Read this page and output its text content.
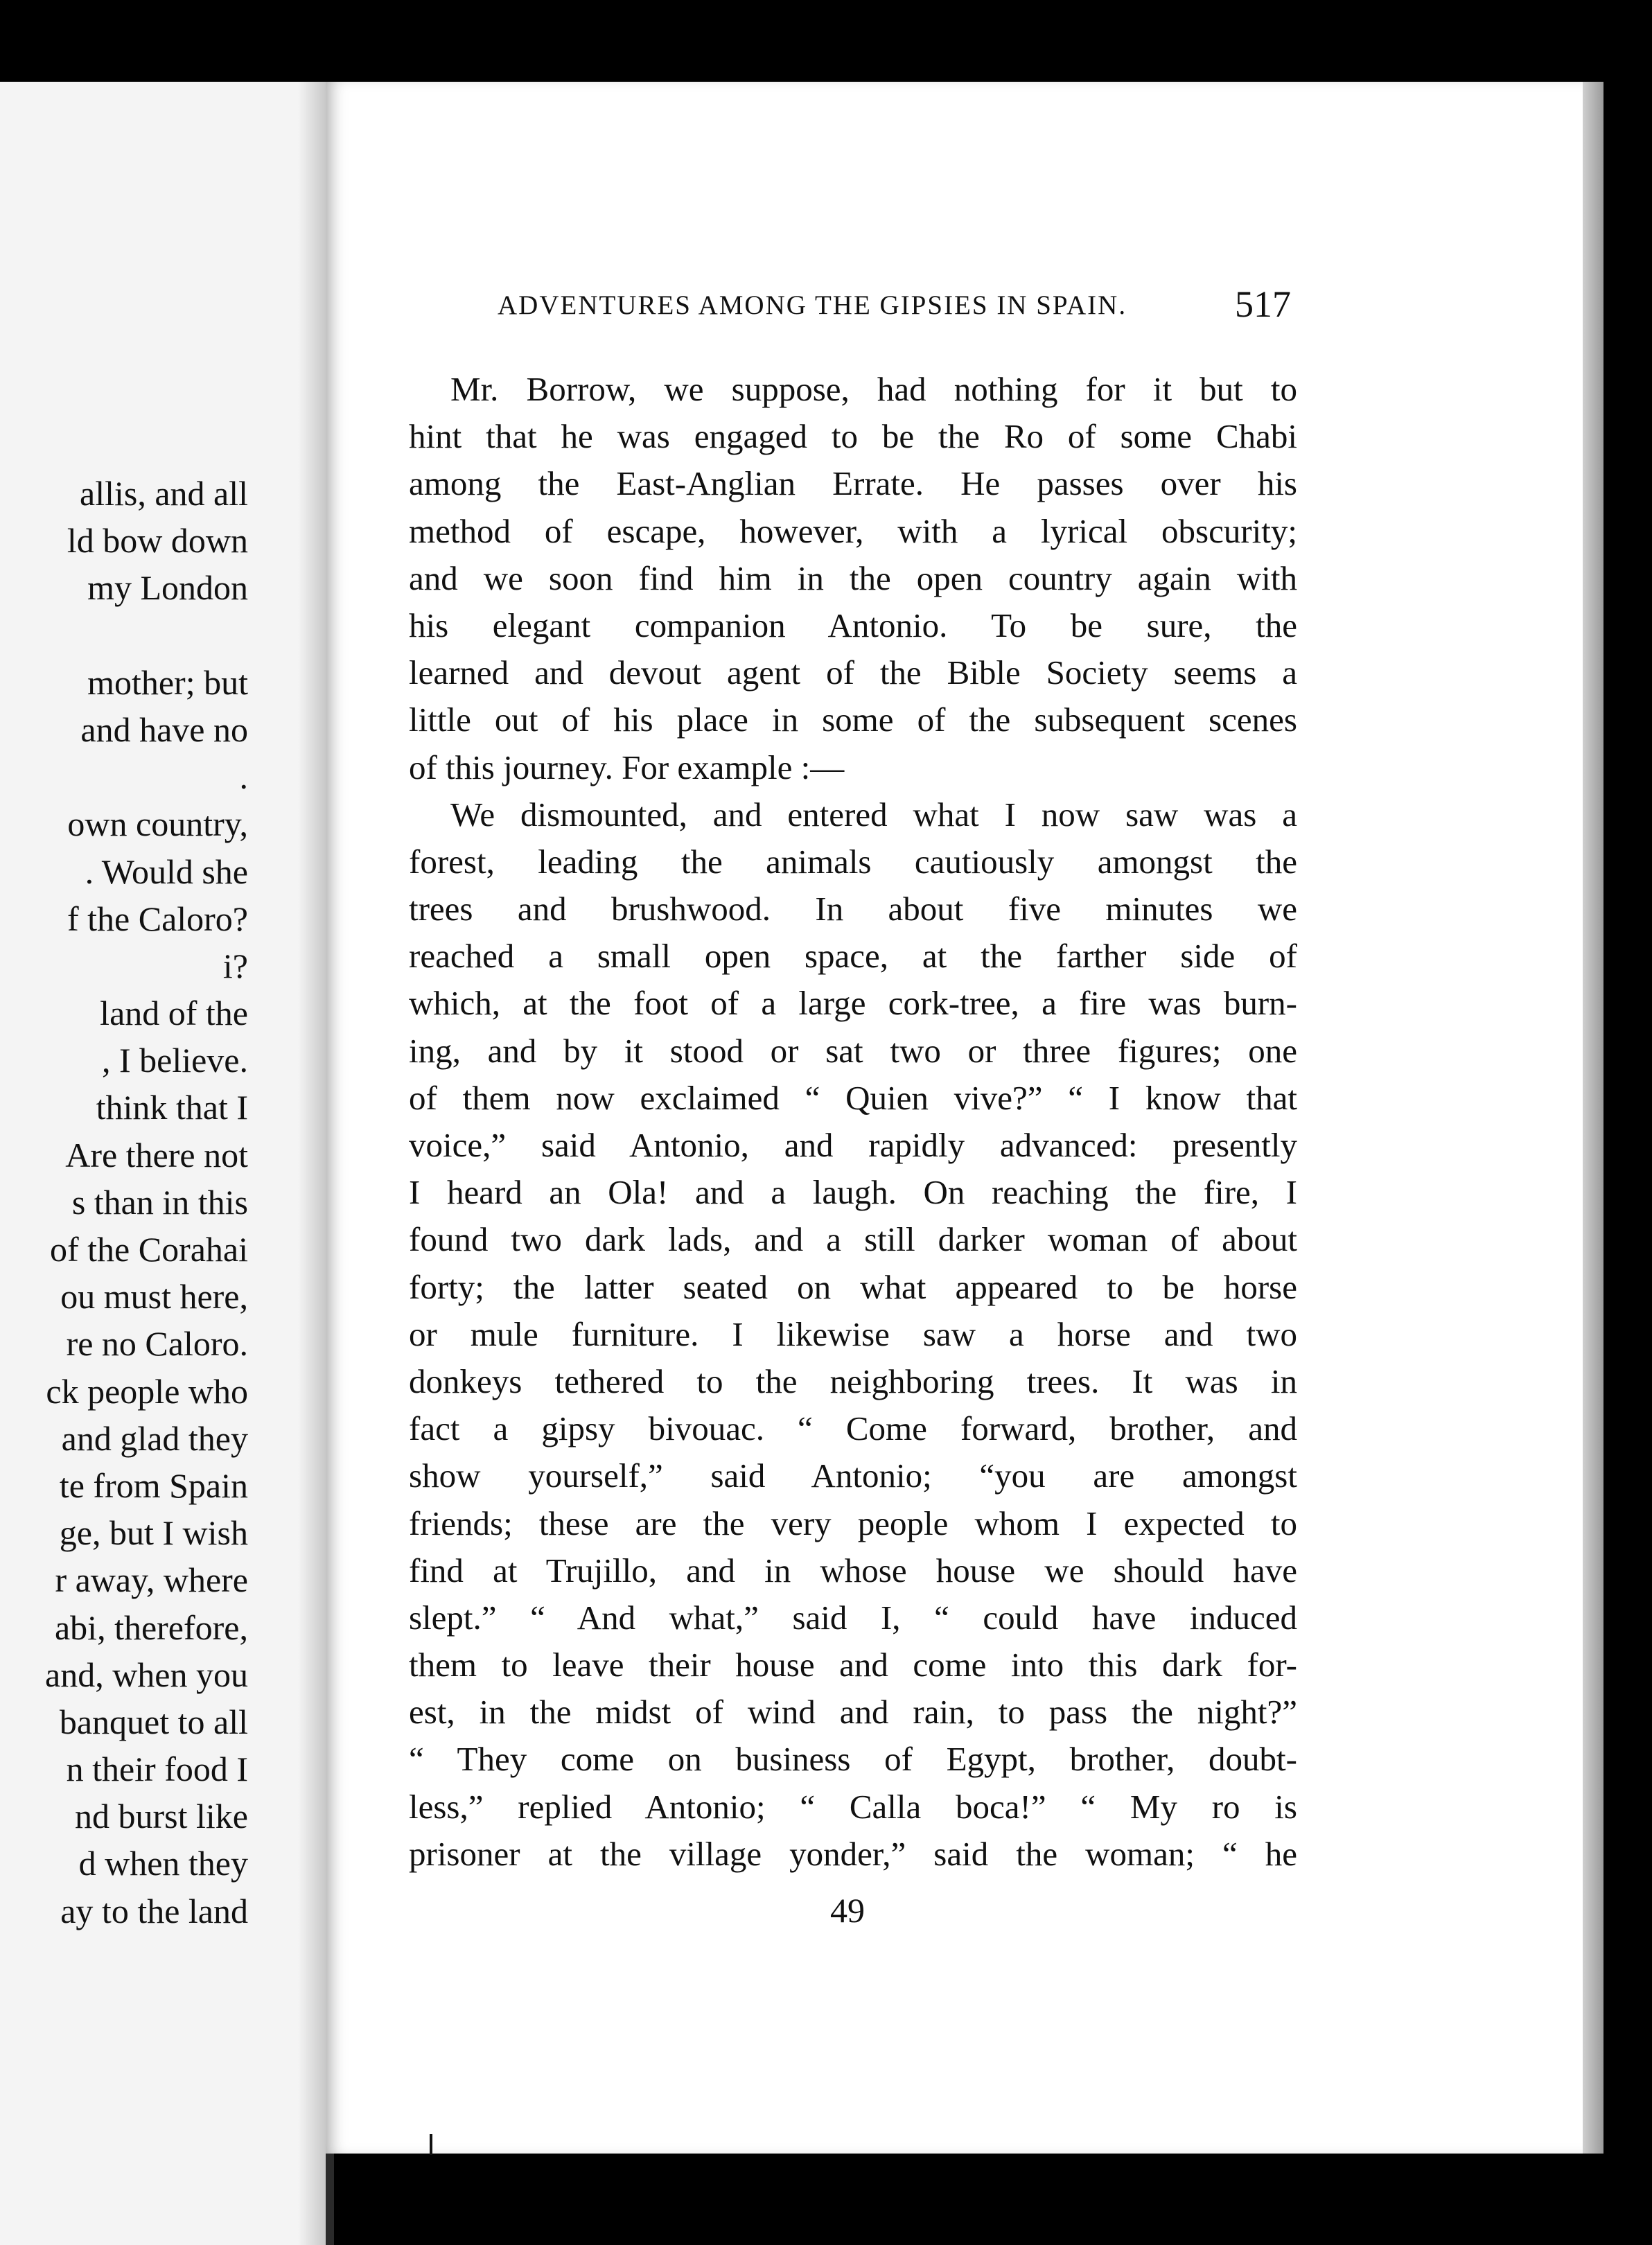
allis, and all
ld bow down
my London
mother; but
and have no
.
own country,
. Would she
f the Caloro?
i?
land of the
, I believe.
think that I
Are there not
s than in this
of the Corahai
ou must here,
re no Caloro.
ck people who
and glad they
te from Spain
ge, but I wish
r away, where
abi, therefore,
and, when you
banquet to all
n their food I
nd burst like
d when they
ay to the land
ADVENTURES AMONG THE GIPSIES IN SPAIN.	517
Mr. Borrow, we suppose, had nothing for it but to
hint that he was engaged to be the Ro of some Chabi
among the East-Anglian Errate. He passes over his
method of escape, however, with a lyrical obscurity;
and we soon find him in the open country again with
his elegant companion Antonio. To be sure, the
learned and devout agent of the Bible Society seems a
little out of his place in some of the subsequent scenes
of this journey. For example :—
We dismounted, and entered what I now saw was a
forest, leading the animals cautiously amongst the
trees and brushwood. In about five minutes we
reached a small open space, at the farther side of
which, at the foot of a large cork-tree, a fire was burn-
ing, and by it stood or sat two or three figures; one
of them now exclaimed “ Quien vive?” “ I know that
voice,” said Antonio, and rapidly advanced: presently
I heard an Ola! and a laugh. On reaching the fire, I
found two dark lads, and a still darker woman of about
forty; the latter seated on what appeared to be horse
or mule furniture. I likewise saw a horse and two
donkeys tethered to the neighboring trees. It was in
fact a gipsy bivouac. “ Come forward, brother, and
show yourself,” said Antonio; “you are amongst
friends; these are the very people whom I expected to
find at Trujillo, and in whose house we should have
slept.” “ And what,” said I, “ could have induced
them to leave their house and come into this dark for-
est, in the midst of wind and rain, to pass the night?”
“ They come on business of Egypt, brother, doubt-
less,” replied Antonio; “ Calla boca!” “ My ro is
prisoner at the village yonder,” said the woman; “ he
49
